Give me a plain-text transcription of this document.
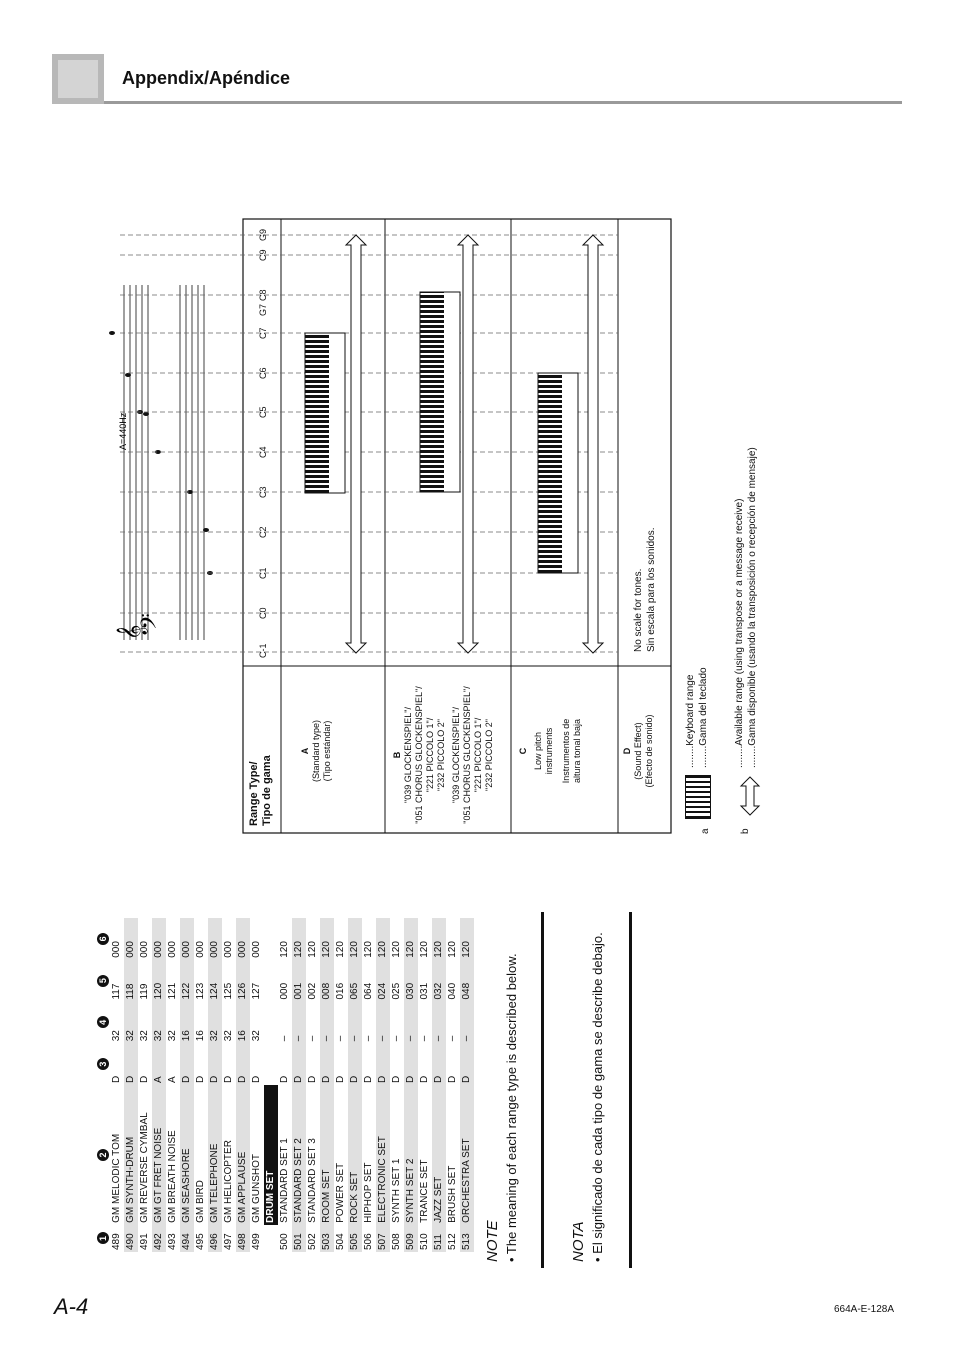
Appendix/Apéndice
1	2	3	4	5	6
489	GM MELODIC TOM	D	32	117	000
490	GM SYNTH-DRUM	D	32	118	000
491	GM REVERSE CYMBAL	D	32	119	000
492	GM GT FRET NOISE	A	32	120	000
493	GM BREATH NOISE	A	32	121	000
494	GM SEASHORE	D	16	122	000
495	GM BIRD	D	16	123	000
496	GM TELEPHONE	D	32	124	000
497	GM HELICOPTER	D	32	125	000
498	GM APPLAUSE	D	16	126	000
499	GM GUNSHOT	D	32	127	000
	DRUM SET				
500	STANDARD SET 1	D	–	000	120
501	STANDARD SET 2	D	–	001	120
502	STANDARD SET 3	D	–	002	120
503	ROOM SET	D	–	008	120
504	POWER SET	D	–	016	120
505	ROCK SET	D	–	065	120
506	HIPHOP SET	D	–	064	120
507	ELECTRONIC SET	D	–	024	120
508	SYNTH SET 1	D	–	025	120
509	SYNTH SET 2	D	–	030	120
510	TRANCE SET	D	–	031	120
511	JAZZ SET	D	–	032	120
512	BRUSH SET	D	–	040	120
513	ORCHESTRA SET	D	–	048	120
NOTE • The meaning of each range type is described below.	NOTA • El significado de cada tipo de gama se describe debajo.
𝄢
𝄞
C-1
C0
C1
C2
C3
C4
C5
C6
C7
G7
C8
C9
G9
A=440Hz
Range Type/
Tipo de gama
A (Standard type)
(Tipo estándar)	B
"039 GLOCKENSPIEL"/
"051 CHORUS GLOCKENSPIEL"/
"221 PICCOLO 1"/
"232 PICCOLO 2"
"039 GLOCKENSPIEL"/
"051 CHORUS GLOCKENSPIEL"/
"221 PICCOLO 1"/
"232 PICCOLO 2"
C
Low pitch
instruments Instrumentos de
altura tonal baja
D (Sound Effect)
(Efecto de sonido)
No scale for tones.
Sin escala para los sonidos.
a
........Keyboard range
........Gama del teclado
b
........Available range (using transpose or a message receive)
........Gama disponible (usando la transposición o recepción de mensaje)
A-4	664A-E-128A
